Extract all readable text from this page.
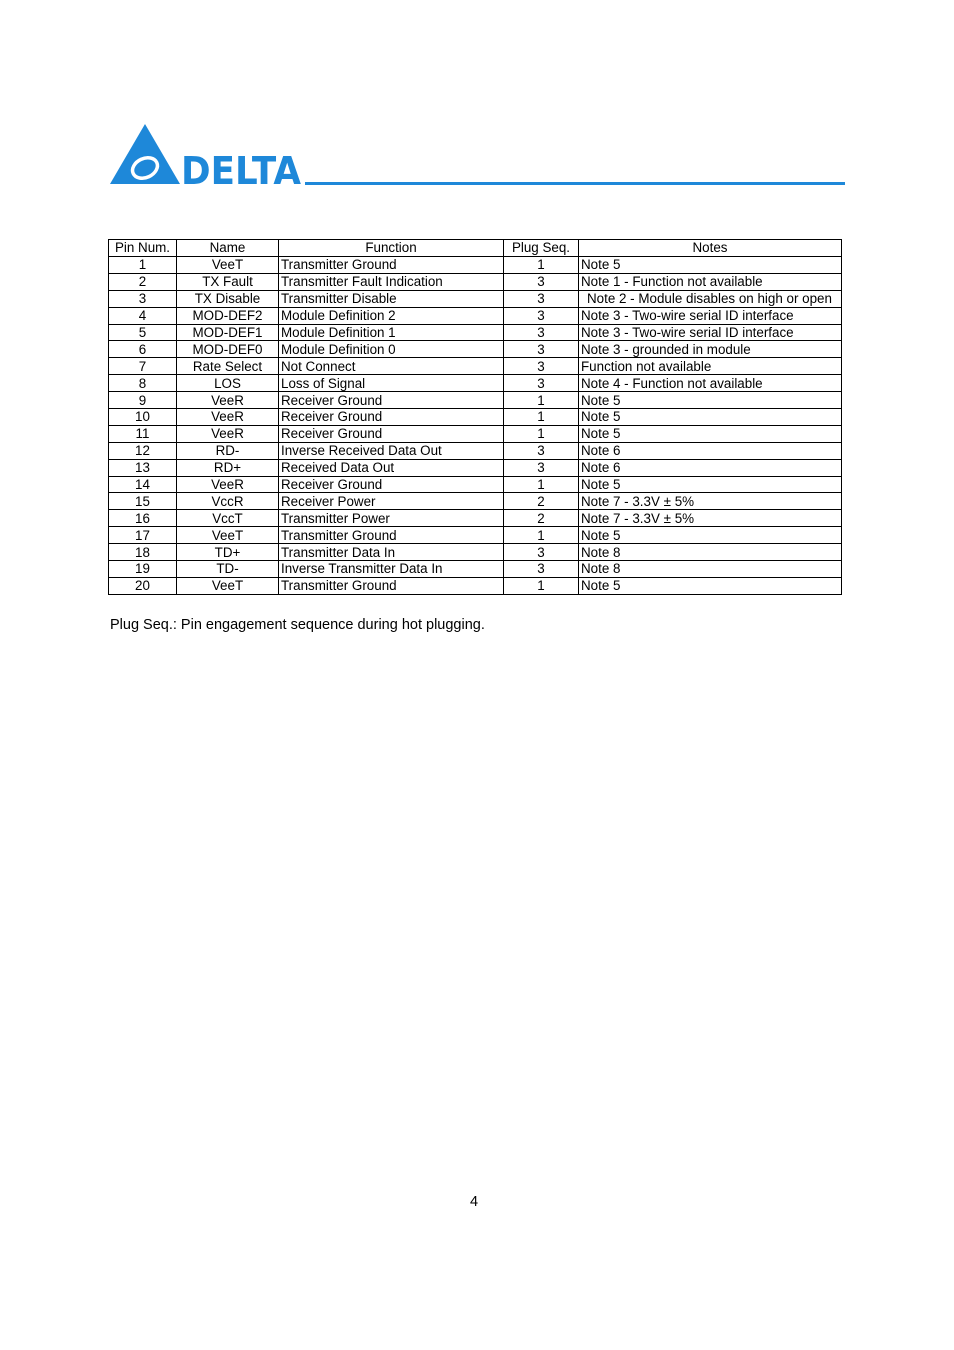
DELTA
Pin Num.	Name	Function	Plug Seq.	Notes
1	VeeT	Transmitter Ground	1	Note 5
2	TX Fault	Transmitter Fault Indication	3	Note 1 - Function not available
3	TX Disable	Transmitter Disable	3	Note 2 - Module disables on high or open
4	MOD-DEF2	Module Definition 2	3	Note 3 - Two-wire serial ID interface
5	MOD-DEF1	Module Definition 1	3	Note 3 - Two-wire serial ID interface
6	MOD-DEF0	Module Definition 0	3	Note 3 - grounded in module
7	Rate Select	Not Connect	3	Function not available
8	LOS	Loss of Signal	3	Note 4 - Function not available
9	VeeR	Receiver Ground	1	Note 5
10	VeeR	Receiver Ground	1	Note 5
11	VeeR	Receiver Ground	1	Note 5
12	RD-	Inverse Received Data Out	3	Note 6
13	RD+	Received Data Out	3	Note 6
14	VeeR	Receiver Ground	1	Note 5
15	VccR	Receiver Power	2	Note 7 - 3.3V ± 5%
16	VccT	Transmitter Power	2	Note 7 - 3.3V ± 5%
17	VeeT	Transmitter Ground	1	Note 5
18	TD+	Transmitter Data In	3	Note 8
19	TD-	Inverse Transmitter Data In	3	Note 8
20	VeeT	Transmitter Ground	1	Note 5
Plug Seq.: Pin engagement sequence during hot plugging.
4
